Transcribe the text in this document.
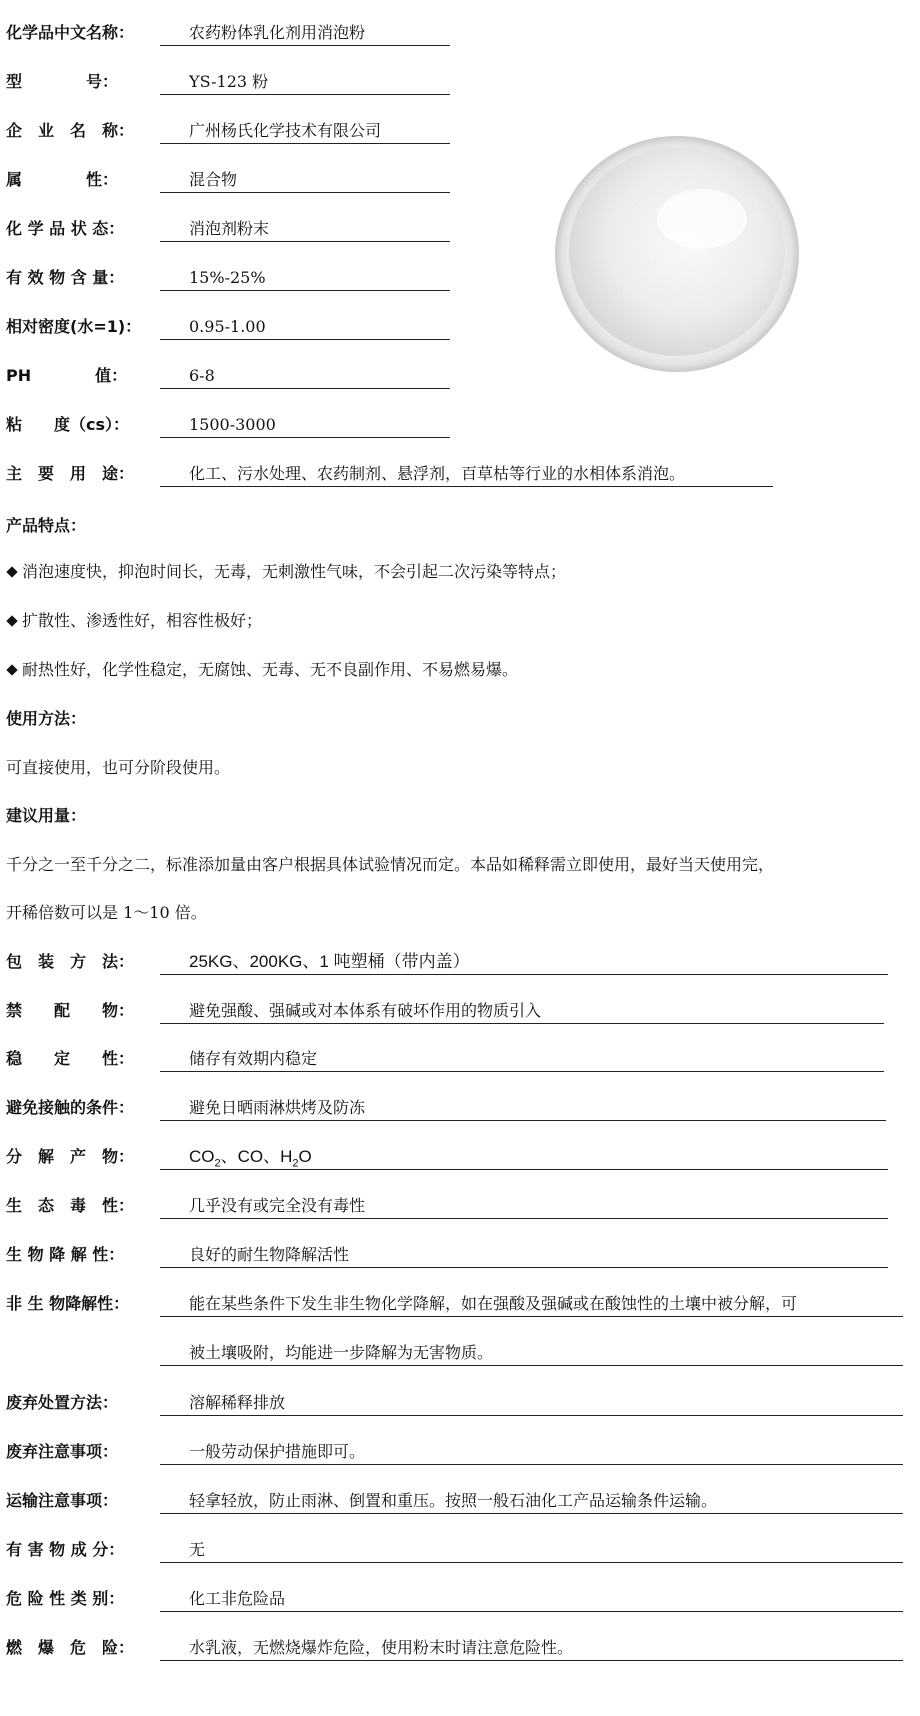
化学品中文名称：	农药粉体乳化剂用消泡粉
型　　　　号：	YS-123 粉
企　业　名　称：	广州杨氏化学技术有限公司
属　　　　性：	混合物
化 学 品 状 态：	消泡剂粉末
有 效 物 含 量：	15%-25%
相对密度(水=1)：	0.95-1.00
PH　　　　值：	6-8
粘　　度（cs）：	1500-3000
主　要　用　途：	化工、污水处理、农药制剂、悬浮剂，百草枯等行业的水相体系消泡。
产品特点：
消泡速度快，抑泡时间长，无毒，无刺激性气味，不会引起二次污染等特点；
扩散性、渗透性好，相容性极好；
耐热性好，化学性稳定，无腐蚀、无毒、无不良副作用、不易燃易爆。
使用方法：
可直接使用，也可分阶段使用。
建议用量：
千分之一至千分之二，标准添加量由客户根据具体试验情况而定。本品如稀释需立即使用，最好当天使用完，
开稀倍数可以是 1～10 倍。
包　装　方　法：	25KG、200KG、1 吨塑桶（带内盖）
禁　　配　　物：	避免强酸、强碱或对本体系有破坏作用的物质引入
稳　　定　　性：	储存有效期内稳定
避免接触的条件：	避免日晒雨淋烘烤及防冻
分　解　产　物：	$CO_2$、CO、$H_2O$
生　态　毒　性：	几乎没有或完全没有毒性
生 物 降 解 性：	良好的耐生物降解活性
非 生 物降解性：	能在某些条件下发生非生物化学降解，如在强酸及强碱或在酸蚀性的土壤中被分解，可
被土壤吸附，均能进一步降解为无害物质。
废弃处置方法：	溶解稀释排放
废弃注意事项：	一般劳动保护措施即可。
运输注意事项：	轻拿轻放，防止雨淋、倒置和重压。按照一般石油化工产品运输条件运输。
有 害 物 成 分：	无
危 险 性 类 别：	化工非危险品
燃　爆　危　险：	水乳液，无燃烧爆炸危险，使用粉末时请注意危险性。
